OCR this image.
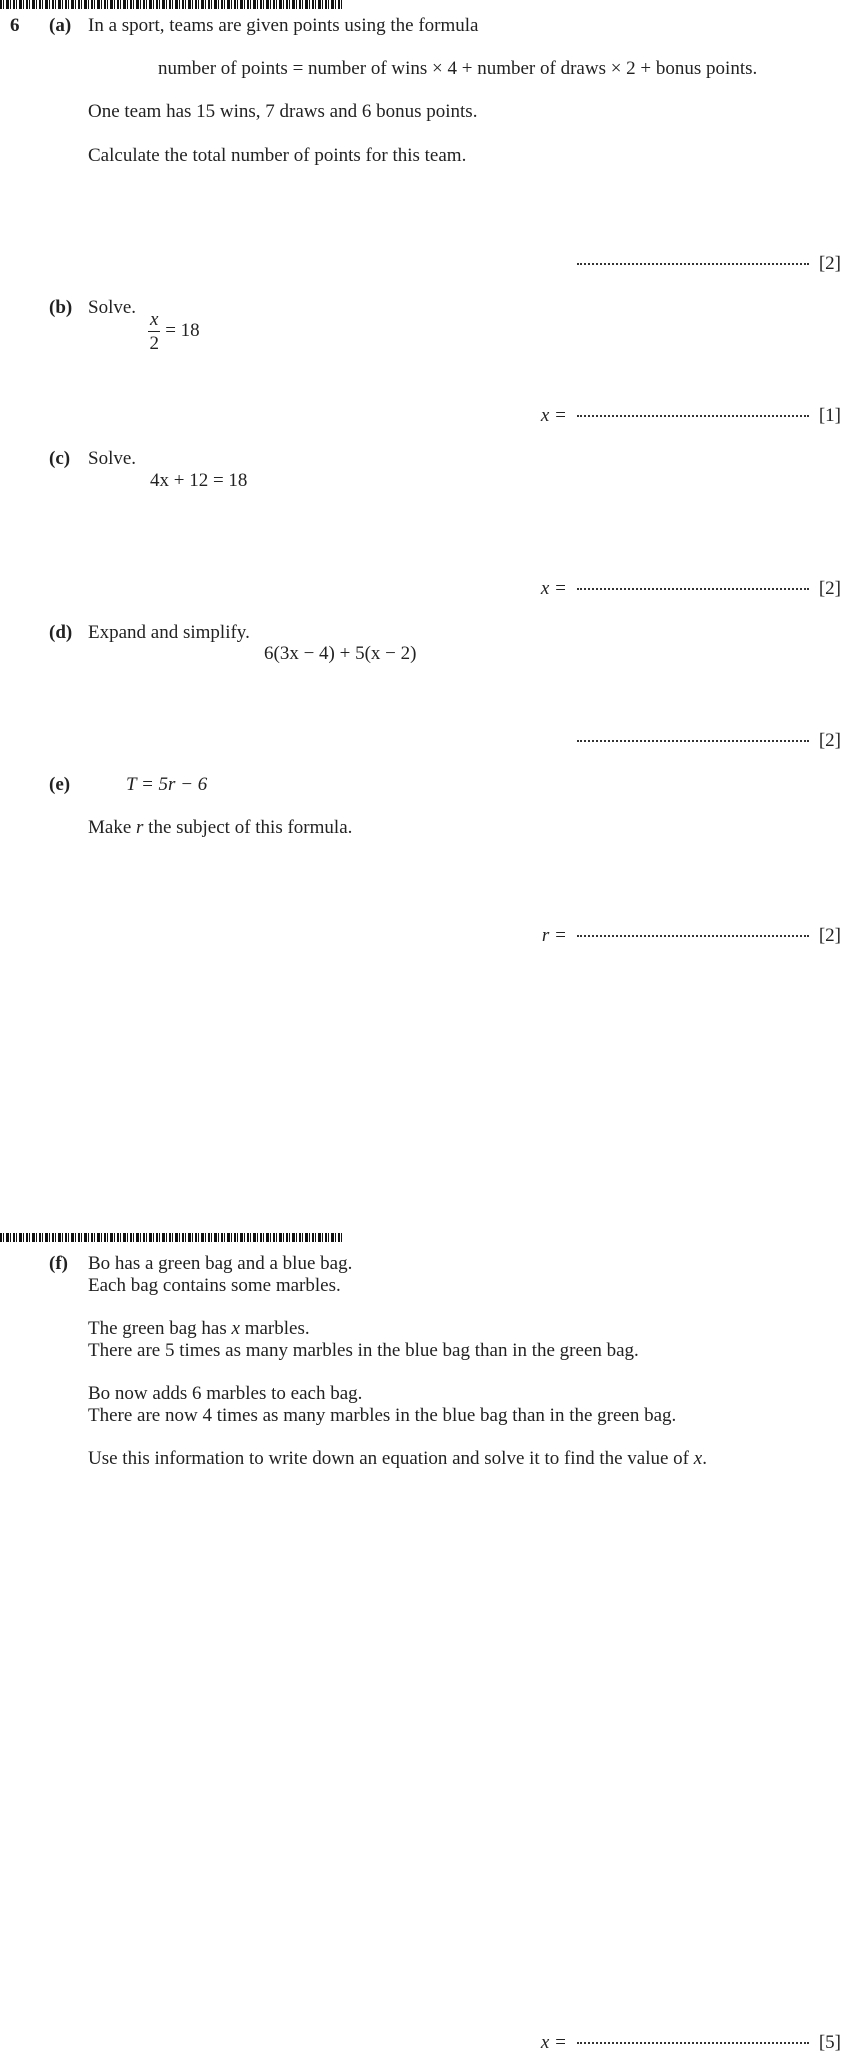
6 (a) In a sport, teams are given points using the formula
number of points = number of wins × 4 + number of draws × 2 + bonus points.
One team has 15 wins, 7 draws and 6 bonus points.
Calculate the total number of points for this team.
[2]
(b) Solve.
$\frac{x}{2} = 18$
x =	[1]
(c) Solve.
4x + 12 = 18
x =	[2]
(d) Expand and simplify.
6(3x − 4) + 5(x − 2)
[2]
(e)	T = 5r − 6
Make r the subject of this formula.
r =	[2]
(f) Bo has a green bag and a blue bag.
Each bag contains some marbles.
The green bag has x marbles.
There are 5 times as many marbles in the blue bag than in the green bag.
Bo now adds 6 marbles to each bag.
There are now 4 times as many marbles in the blue bag than in the green bag.
Use this information to write down an equation and solve it to find the value of x.
x =	[5]
